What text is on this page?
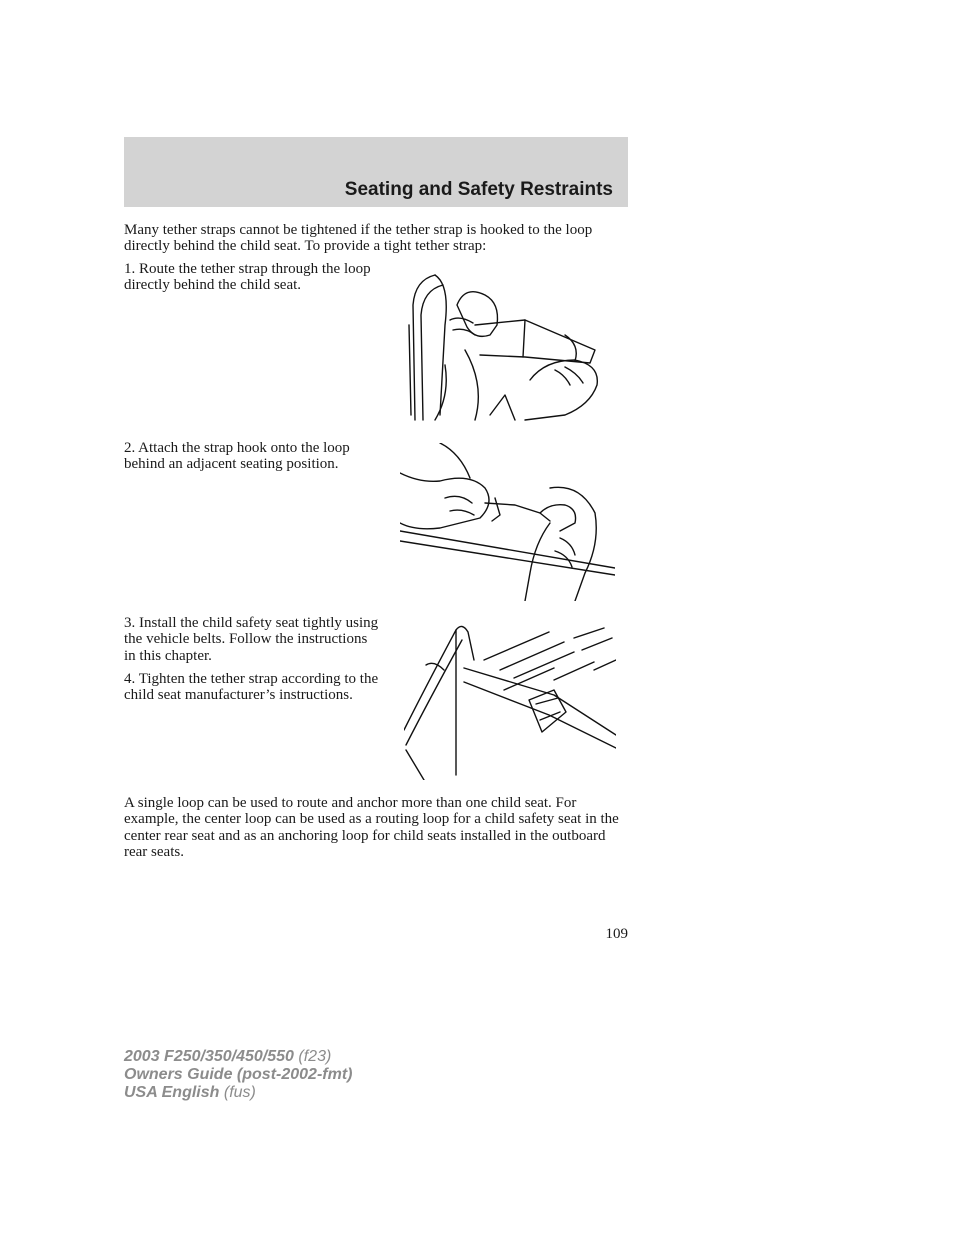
Seating and Safety Restraints

Many tether straps cannot be tightened if the tether strap is hooked to the loop directly behind the child seat. To provide a tight tether strap:

1. Route the tether strap through the loop directly behind the child seat.

2. Attach the strap hook onto the loop behind an adjacent seating position.

3. Install the child safety seat tightly using the vehicle belts. Follow the instructions in this chapter.

4. Tighten the tether strap according to the child seat manufacturer’s instructions.

A single loop can be used to route and anchor more than one child seat. For example, the center loop can be used as a routing loop for a child safety seat in the center rear seat and as an anchoring loop for child seats installed in the outboard rear seats.

109

2003 F250/350/450/550 (f23)
Owners Guide (post-2002-fmt)
USA English (fus)
